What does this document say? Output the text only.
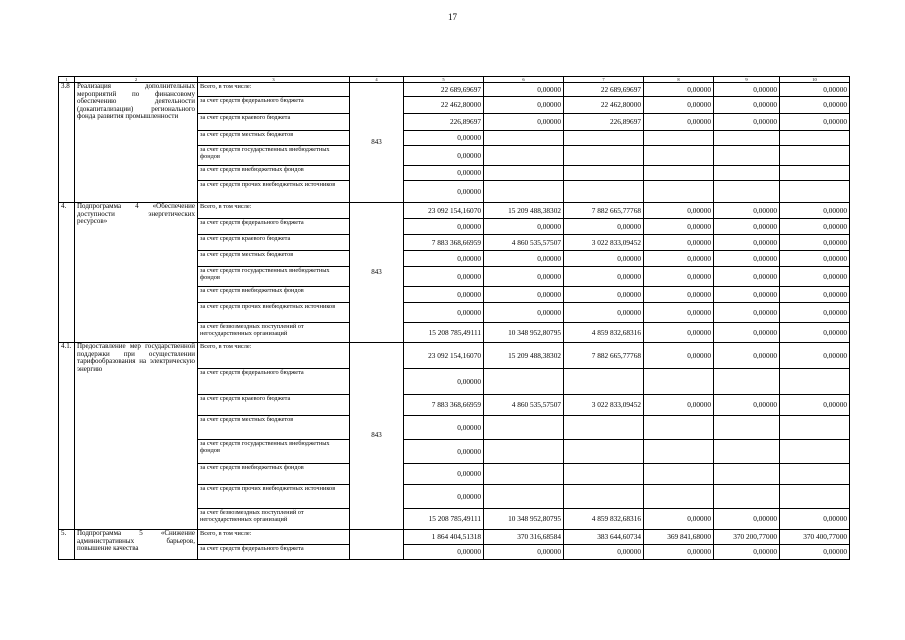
17
1	2	3	4	5	6	7	8	9	10
3.8	Реализация дополнительных мероприятий по финансовому обеспечению деятельности (докапитализации) регионального фонда развития промышленности	Всего, в том числе:	843	22 689,69697	0,00000	22 689,69697	0,00000	0,00000	0,00000
		за счет средств федерального бюджета		22 462,80000	0,00000	22 462,80000	0,00000	0,00000	0,00000
		за счет средств краевого бюджета		226,89697	0,00000	226,89697	0,00000	0,00000	0,00000
		за счет средств местных бюджетов		0,00000					
		за счет средств государственных внебюджетных фондов		0,00000					
		за счет средств внебюджетных фондов		0,00000					
		за счет средств прочих внебюджетных источников		0,00000					
4.	Подпрограмма 4 «Обеспечение доступности энергетических ресурсов»	Всего, в том числе:	843	23 092 154,16070	15 209 488,38302	7 882 665,77768	0,00000	0,00000	0,00000
		за счет средств федерального бюджета		0,00000	0,00000	0,00000	0,00000	0,00000	0,00000
		за счет средств краевого бюджета		7 883 368,66959	4 860 535,57507	3 022 833,09452	0,00000	0,00000	0,00000
		за счет средств местных бюджетов		0,00000	0,00000	0,00000	0,00000	0,00000	0,00000
		за счет средств государственных внебюджетных фондов		0,00000	0,00000	0,00000	0,00000	0,00000	0,00000
		за счет средств внебюджетных фондов		0,00000	0,00000	0,00000	0,00000	0,00000	0,00000
		за счет средств прочих внебюджетных источников		0,00000	0,00000	0,00000	0,00000	0,00000	0,00000
		за счет безвозмездных поступлений от негосударственных организаций		15 208 785,49111	10 348 952,80795	4 859 832,68316	0,00000	0,00000	0,00000
4.1.	Предоставление мер государственной поддержки при осуществлении тарифообразования на электрическую энергию	Всего, в том числе:	843	23 092 154,16070	15 209 488,38302	7 882 665,77768	0,00000	0,00000	0,00000
		за счет средств федерального бюджета		0,00000					
		за счет средств краевого бюджета		7 883 368,66959	4 860 535,57507	3 022 833,09452	0,00000	0,00000	0,00000
		за счет средств местных бюджетов		0,00000					
		за счет средств государственных внебюджетных фондов		0,00000					
		за счет средств внебюджетных фондов		0,00000					
		за счет средств прочих внебюджетных источников		0,00000					
		за счет безвозмездных поступлений от негосударственных организаций		15 208 785,49111	10 348 952,80795	4 859 832,68316	0,00000	0,00000	0,00000
5.	Подпрограмма 5 «Снижение административных барьеров, повышение качества	Всего, в том числе:		1 864 404,51318	370 316,68584	383 644,60734	369 841,68000	370 200,77000	370 400,77000
		за счет средств федерального бюджета		0,00000	0,00000	0,00000	0,00000	0,00000	0,00000
